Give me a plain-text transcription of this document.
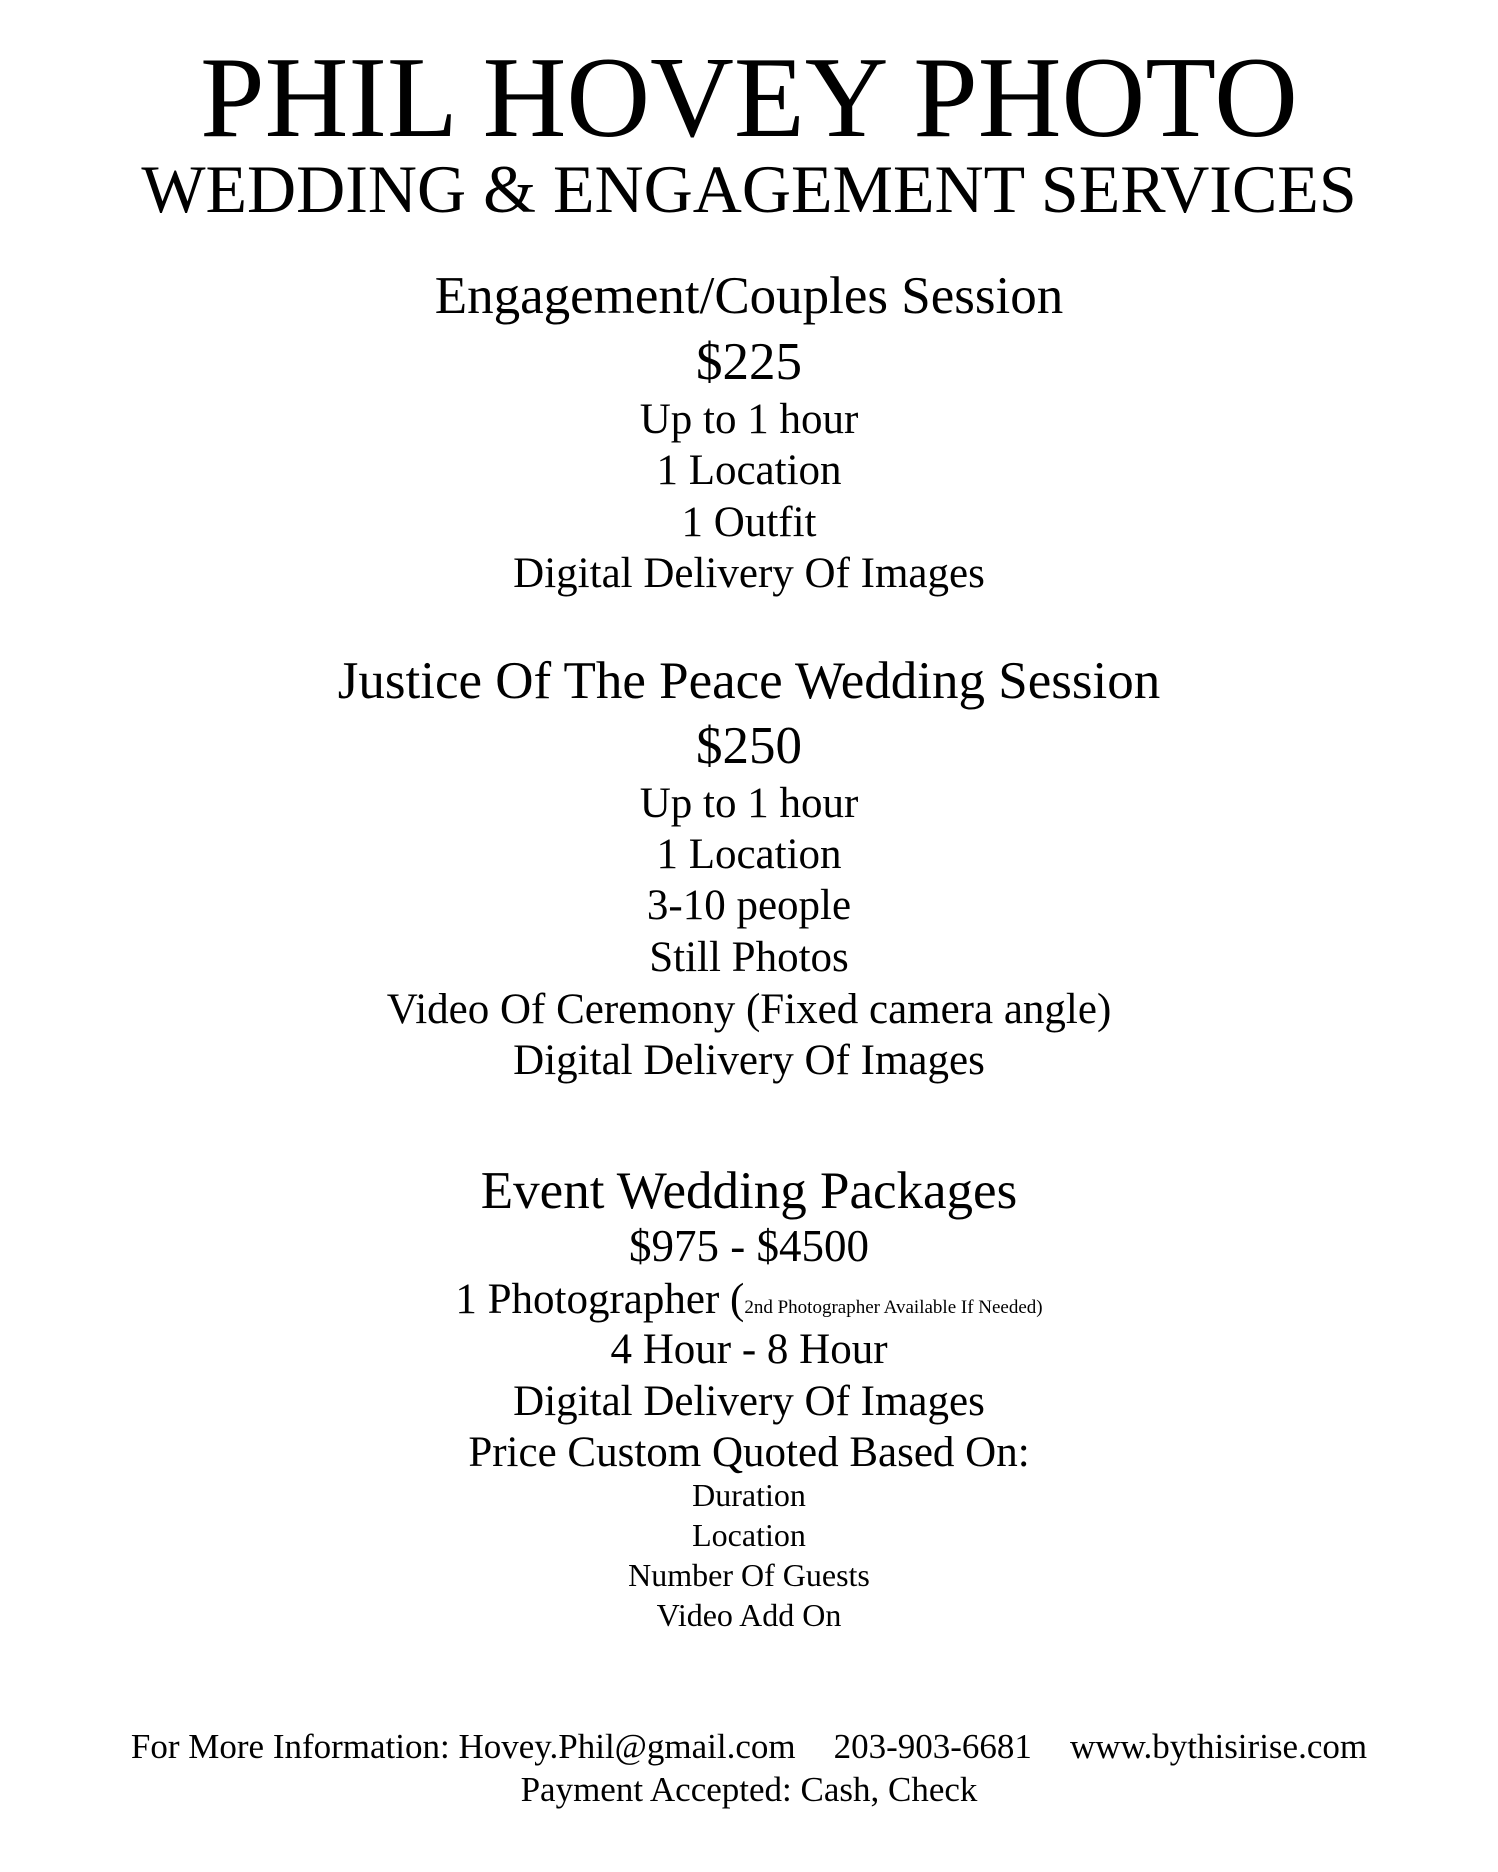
PHIL HOVEY PHOTO
WEDDING & ENGAGEMENT SERVICES
Engagement/Couples Session
$225
Up to 1 hour
1 Location
1 Outfit
Digital Delivery Of Images
Justice Of The Peace Wedding Session
$250
Up to 1 hour
1 Location
3-10 people
Still Photos
Video Of Ceremony (Fixed camera angle)
Digital Delivery Of Images
Event Wedding Packages
$975 - $4500
1 Photographer (2nd Photographer Available If Needed)
4 Hour - 8 Hour
Digital Delivery Of Images
Price Custom Quoted Based On:
Duration
Location
Number Of Guests
Video Add On
For More Information: Hovey.Phil@gmail.com 203-903-6681 www.bythisirise.com
Payment Accepted: Cash, Check
